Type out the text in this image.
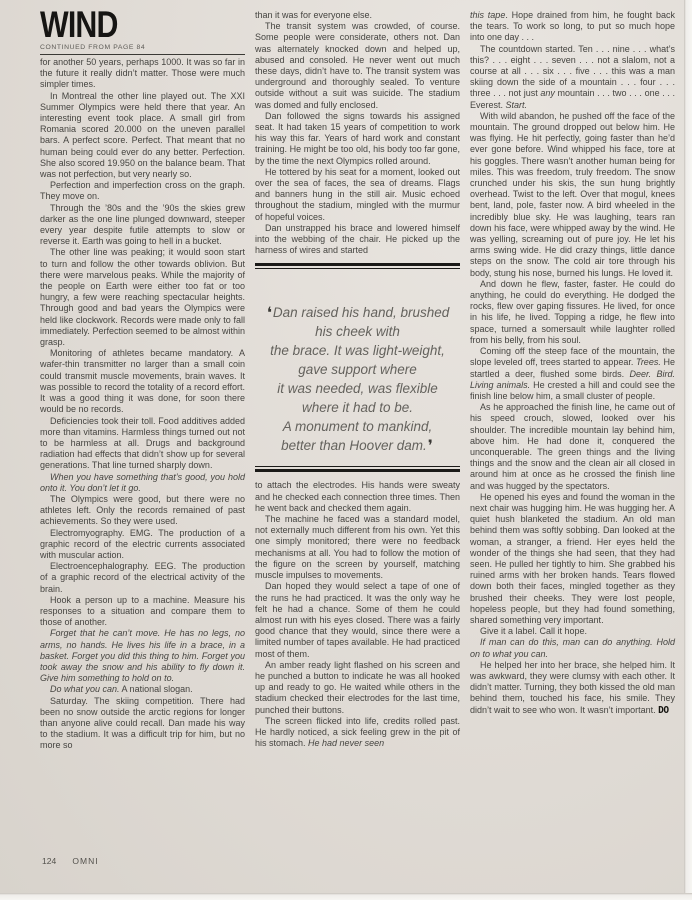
WIND
CONTINUED FROM PAGE 84

for another 50 years, perhaps 1000. It was so far in the future it really didn’t matter. Those were much simpler times.

In Montreal the other line played out. The XXI Summer Olympics were held there that year. An interesting event took place. A small girl from Romania scored 20.000 on the uneven parallel bars. A perfect score. Perfect. That meant that no human being could ever do any better. Perfection. She also scored 19.950 on the balance beam. That was not perfection, but very nearly so.

Perfection and imperfection cross on the graph. They move on.

Through the ’80s and the ’90s the skies grew darker as the one line plunged downward, steeper every year despite futile attempts to slow or reverse it. Earth was going to hell in a bucket.

The other line was peaking; it would soon start to turn and follow the other towards oblivion. But there were marvelous peaks. While the majority of the people on Earth were either too fat or too hungry, a few were reaching spectacular heights. Through good and bad years the Olympics were held like clockwork. Records were made only to fall immediately. Perfection seemed to be almost within grasp.

Monitoring of athletes became mandatory. A wafer-thin transmitter no larger than a small coin could transmit muscle movements, brain waves. It was possible to record the totality of a record effort. It was a good thing it was done, for soon there would be no records.

Deficiencies took their toll. Food additives added more than vitamins. Harmless things turned out not to be harmless at all. Drugs and background radiation had effects that didn’t show up for several generations. That line turned sharply down.

When you have something that’s good, you hold onto it. You don’t let it go.

The Olympics were good, but there were no athletes left. Only the records remained of past achievements. So they were used.

Electromyography. EMG. The production of a graphic record of the electric currents associated with muscular action.

Electroencephalography. EEG. The production of a graphic record of the electrical activity of the brain.

Hook a person up to a machine. Measure his responses to a situation and compare them to those of another.

Forget that he can’t move. He has no legs, no arms, no hands. He lives his life in a brace, in a basket. Forget you did this thing to him. Forget you took away the snow and his ability to fly down it. Give him something to hold on to.

Do what you can. A national slogan.

Saturday. The skiing competition. There had been no snow outside the arctic regions for longer than anyone alive could recall. Dan made his way to the stadium. It was a difficult trip for him, but no more so

than it was for everyone else.

The transit system was crowded, of course. Some people were considerate, others not. Dan was alternately knocked down and helped up, abused and consoled. He never went out much these days, didn’t have to. The transit system was underground and thoroughly sealed. To venture outside without a suit was suicide. The stadium was domed and fully enclosed.

Dan followed the signs towards his assigned seat. It had taken 15 years of competition to work his way this far. Years of hard work and constant training. He might be too old, his body too far gone, by the time the next Olympics rolled around.

He tottered by his seat for a moment, looked out over the sea of faces, the sea of dreams. Flags and banners hung in the still air. Music echoed throughout the stadium, mingled with the murmur of hopeful voices.

Dan unstrapped his brace and lowered himself into the webbing of the chair. He picked up the harness of wires and started

❛Dan raised his hand, brushed

his cheek with

the brace. It was light-weight,

gave support where

it was needed, was flexible

where it had to be.

A monument to mankind,

better than Hoover dam.❜

to attach the electrodes. His hands were sweaty and he checked each connection three times. Then he went back and checked them again.

The machine he faced was a standard model, not externally much different from his own. Yet this one simply monitored; there were no feedback mechanisms at all. You had to follow the motion of the figure on the screen by yourself, matching muscle impulses to movements.

Dan hoped they would select a tape of one of the runs he had practiced. It was the only way he felt he had a chance. Some of them he could almost run with his eyes closed. There was a fairly good chance that they would, since there were a limited number of tapes available. He had practiced most of them.

An amber ready light flashed on his screen and he punched a button to indicate he was all hooked up and ready to go. He waited while others in the stadium checked their electrodes for the last time, punched their buttons.

The screen flicked into life, credits rolled past. He hardly noticed, a sick feeling grew in the pit of his stomach. He had never seen

this tape. Hope drained from him, he fought back the tears. To work so long, to put so much hope into one day . . .

The countdown started. Ten . . . nine . . . what’s this? . . . eight . . . seven . . . not a slalom, not a course at all . . . six . . . five . . . this was a man skiing down the side of a mountain . . . four . . . three . . . not just any mountain . . . two . . . one . . . Everest. Start.

With wild abandon, he pushed off the face of the mountain. The ground dropped out below him. He was flying. He hit perfectly, going faster than he’d ever gone before. Wind whipped his face, tore at his goggles. There wasn’t another human being for miles. This was freedom, truly freedom. The snow crunched under his skis, the sun hung brightly overhead. Twist to the left. Over that mogul, knees bent, land, pole, faster now. A bird wheeled in the incredibly blue sky. He was laughing, tears ran down his face, were whipped away by the wind. He was yelling, screaming out of pure joy. He let his arms swing wide. He did crazy things, little dance steps on the snow. The cold air tore through his body, stung his nose, burned his lungs. He loved it.

And down he flew, faster, faster. He could do anything, he could do everything. He dodged the rocks, flew over gaping fissures. He lived, for once in his life, he lived. Topping a ridge, he flew into space, turned a somersault while laughter rolled from his belly, from his soul.

Coming off the steep face of the mountain, the slope leveled off, trees started to appear. Trees. He startled a deer, flushed some birds. Deer. Bird. Living animals. He crested a hill and could see the finish line below him, a small cluster of people.

As he approached the finish line, he came out of his speed crouch, slowed, looked over his shoulder. The incredible mountain lay behind him, above him. He had done it, conquered the unconquerable. The green things and the living things and the snow and the clean air all closed in around him at once as he crossed the finish line and was hugged by the spectators.

He opened his eyes and found the woman in the next chair was hugging him. He was hugging her. A quiet hush blanketed the stadium. An old man behind them was softly sobbing. Dan looked at the woman, a stranger, a friend. Her eyes held the wonder of the things she had seen, that they had seen. He pulled her tightly to him. She grabbed his ruined arms with her broken hands. Tears flowed down both their faces, mingled together as they brushed their cheeks. They were lost people, hopeless people, but they had found something, shared something very important.

Give it a label. Call it hope.

If man can do this, man can do anything. Hold on to what you can.

He helped her into her brace, she helped him. It was awkward, they were clumsy with each other. It didn’t matter. Turning, they both kissed the old man behind them, touched his face, his smile. They didn’t wait to see who won. It wasn’t important. DO

124 OMNI
